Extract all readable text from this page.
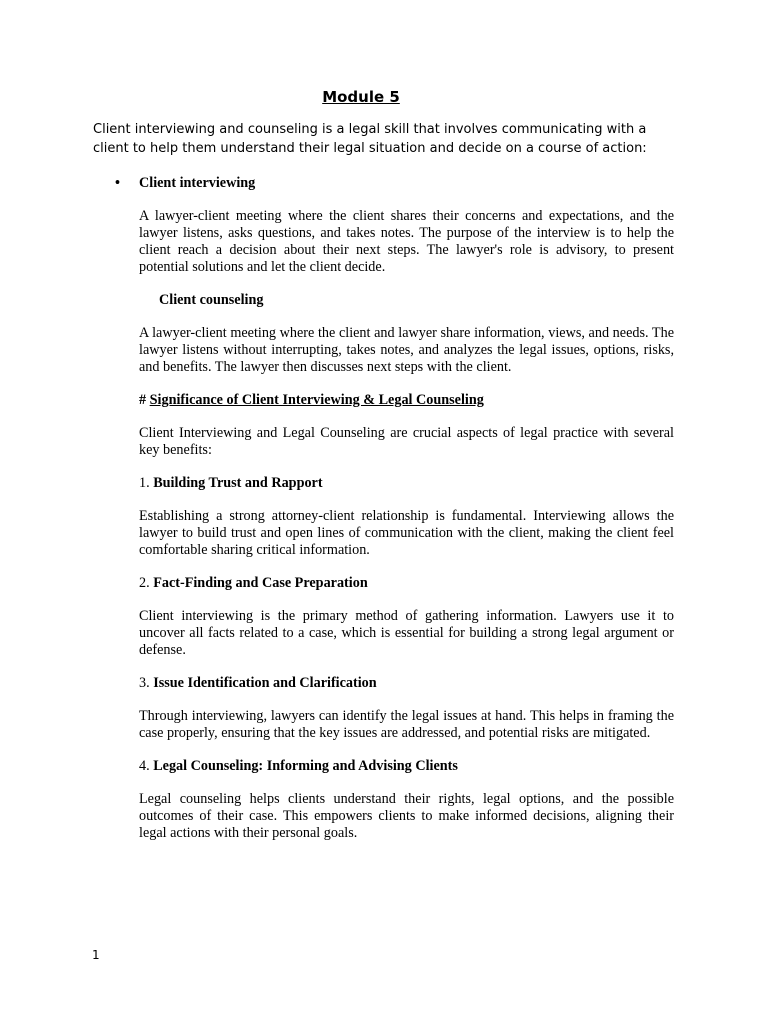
Module 5

Client interviewing and counseling is a legal skill that involves communicating with a client to help them understand their legal situation and decide on a course of action:

• Client interviewing

A lawyer-client meeting where the client shares their concerns and expectations, and the lawyer listens, asks questions, and takes notes. The purpose of the interview is to help the client reach a decision about their next steps. The lawyer's role is advisory, to present potential solutions and let the client decide.

Client counseling

A lawyer-client meeting where the client and lawyer share information, views, and needs. The lawyer listens without interrupting, takes notes, and analyzes the legal issues, options, risks, and benefits. The lawyer then discusses next steps with the client.

# Significance of Client Interviewing & Legal Counseling

Client Interviewing and Legal Counseling are crucial aspects of legal practice with several key benefits:

1. Building Trust and Rapport

Establishing a strong attorney-client relationship is fundamental. Interviewing allows the lawyer to build trust and open lines of communication with the client, making the client feel comfortable sharing critical information.

2. Fact-Finding and Case Preparation

Client interviewing is the primary method of gathering information. Lawyers use it to uncover all facts related to a case, which is essential for building a strong legal argument or defense.

3. Issue Identification and Clarification

Through interviewing, lawyers can identify the legal issues at hand. This helps in framing the case properly, ensuring that the key issues are addressed, and potential risks are mitigated.

4. Legal Counseling: Informing and Advising Clients

Legal counseling helps clients understand their rights, legal options, and the possible outcomes of their case. This empowers clients to make informed decisions, aligning their legal actions with their personal goals.

1
